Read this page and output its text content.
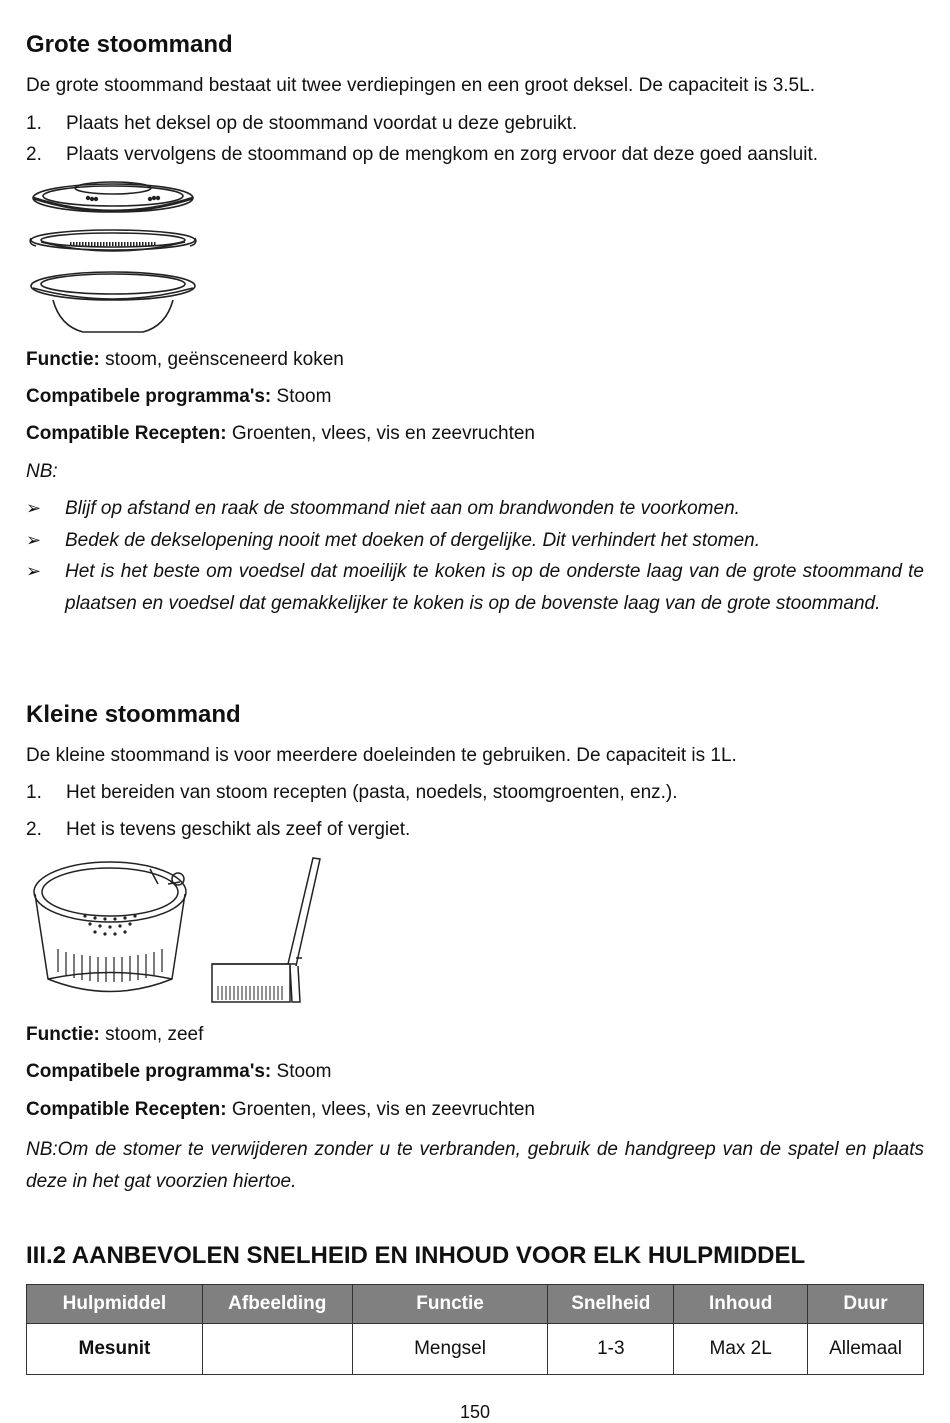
Grote stoommand

De grote stoommand bestaat uit twee verdiepingen en een groot deksel. De capaciteit is 3.5L.

1. Plaats het deksel op de stoommand voordat u deze gebruikt.

2. Plaats vervolgens de stoommand op de mengkom en zorg ervoor dat deze goed aansluit.

Functie: stoom, geënsceneerd koken

Compatibele programma's: Stoom

Compatible Recepten: Groenten, vlees, vis en zeevruchten

NB:

➢ Blijf op afstand en raak de stoommand niet aan om brandwonden te voorkomen.
➢ Bedek de dekselopening nooit met doeken of dergelijke. Dit verhindert het stomen.
➢ Het is het beste om voedsel dat moeilijk te koken is op de onderste laag van de grote stoommand te plaatsen en voedsel dat gemakkelijker te koken is op de bovenste laag van de grote stoommand.
Kleine stoommand

De kleine stoommand is voor meerdere doeleinden te gebruiken. De capaciteit is 1L.

1. Het bereiden van stoom recepten (pasta, noedels, stoomgroenten, enz.).

2. Het is tevens geschikt als zeef of vergiet.

Functie: stoom, zeef

Compatibele programma's: Stoom

Compatible Recepten: Groenten, vlees, vis en zeevruchten

NB:Om de stomer te verwijderen zonder u te verbranden, gebruik de handgreep van de spatel en plaats deze in het gat voorzien hiertoe.

III.2 AANBEVOLEN SNELHEID EN INHOUD VOOR ELK HULPMIDDEL
Hulpmiddel	Afbeelding	Functie	Snelheid	Inhoud	Duur
Mesunit		Mengsel	1-3	Max 2L	Allemaal
150
